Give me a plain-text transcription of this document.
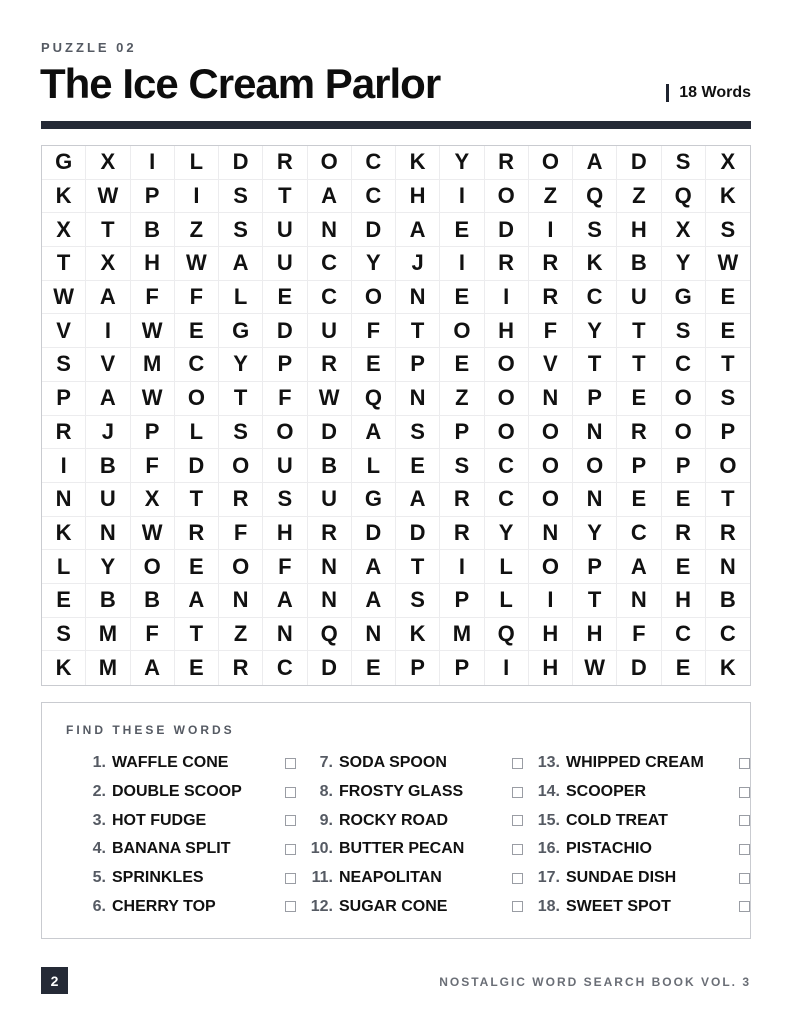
PUZZLE 02
The Ice Cream Parlor	18 Words
G	X	I	L	D	R	O	C	K	Y	R	O	A	D	S	X
K	W	P	I	S	T	A	C	H	I	O	Z	Q	Z	Q	K
X	T	B	Z	S	U	N	D	A	E	D	I	S	H	X	S
T	X	H	W	A	U	C	Y	J	I	R	R	K	B	Y	W
W	A	F	F	L	E	C	O	N	E	I	R	C	U	G	E
V	I	W	E	G	D	U	F	T	O	H	F	Y	T	S	E
S	V	M	C	Y	P	R	E	P	E	O	V	T	T	C	T
P	A	W	O	T	F	W	Q	N	Z	O	N	P	E	O	S
R	J	P	L	S	O	D	A	S	P	O	O	N	R	O	P
I	B	F	D	O	U	B	L	E	S	C	O	O	P	P	O
N	U	X	T	R	S	U	G	A	R	C	O	N	E	E	T
K	N	W	R	F	H	R	D	D	R	Y	N	Y	C	R	R
L	Y	O	E	O	F	N	A	T	I	L	O	P	A	E	N
E	B	B	A	N	A	N	A	S	P	L	I	T	N	H	B
S	M	F	T	Z	N	Q	N	K	M	Q	H	H	F	C	C
K	M	A	E	R	C	D	E	P	P	I	H	W	D	E	K
FIND THESE WORDS
1. WAFFLE CONE
2. DOUBLE SCOOP
3. HOT FUDGE
4. BANANA SPLIT
5. SPRINKLES
6. CHERRY TOP
7. SODA SPOON
8. FROSTY GLASS
9. ROCKY ROAD
10. BUTTER PECAN
11. NEAPOLITAN
12. SUGAR CONE
13. WHIPPED CREAM
14. SCOOPER
15. COLD TREAT
16. PISTACHIO
17. SUNDAE DISH
18. SWEET SPOT
2	NOSTALGIC WORD SEARCH BOOK VOL. 3
